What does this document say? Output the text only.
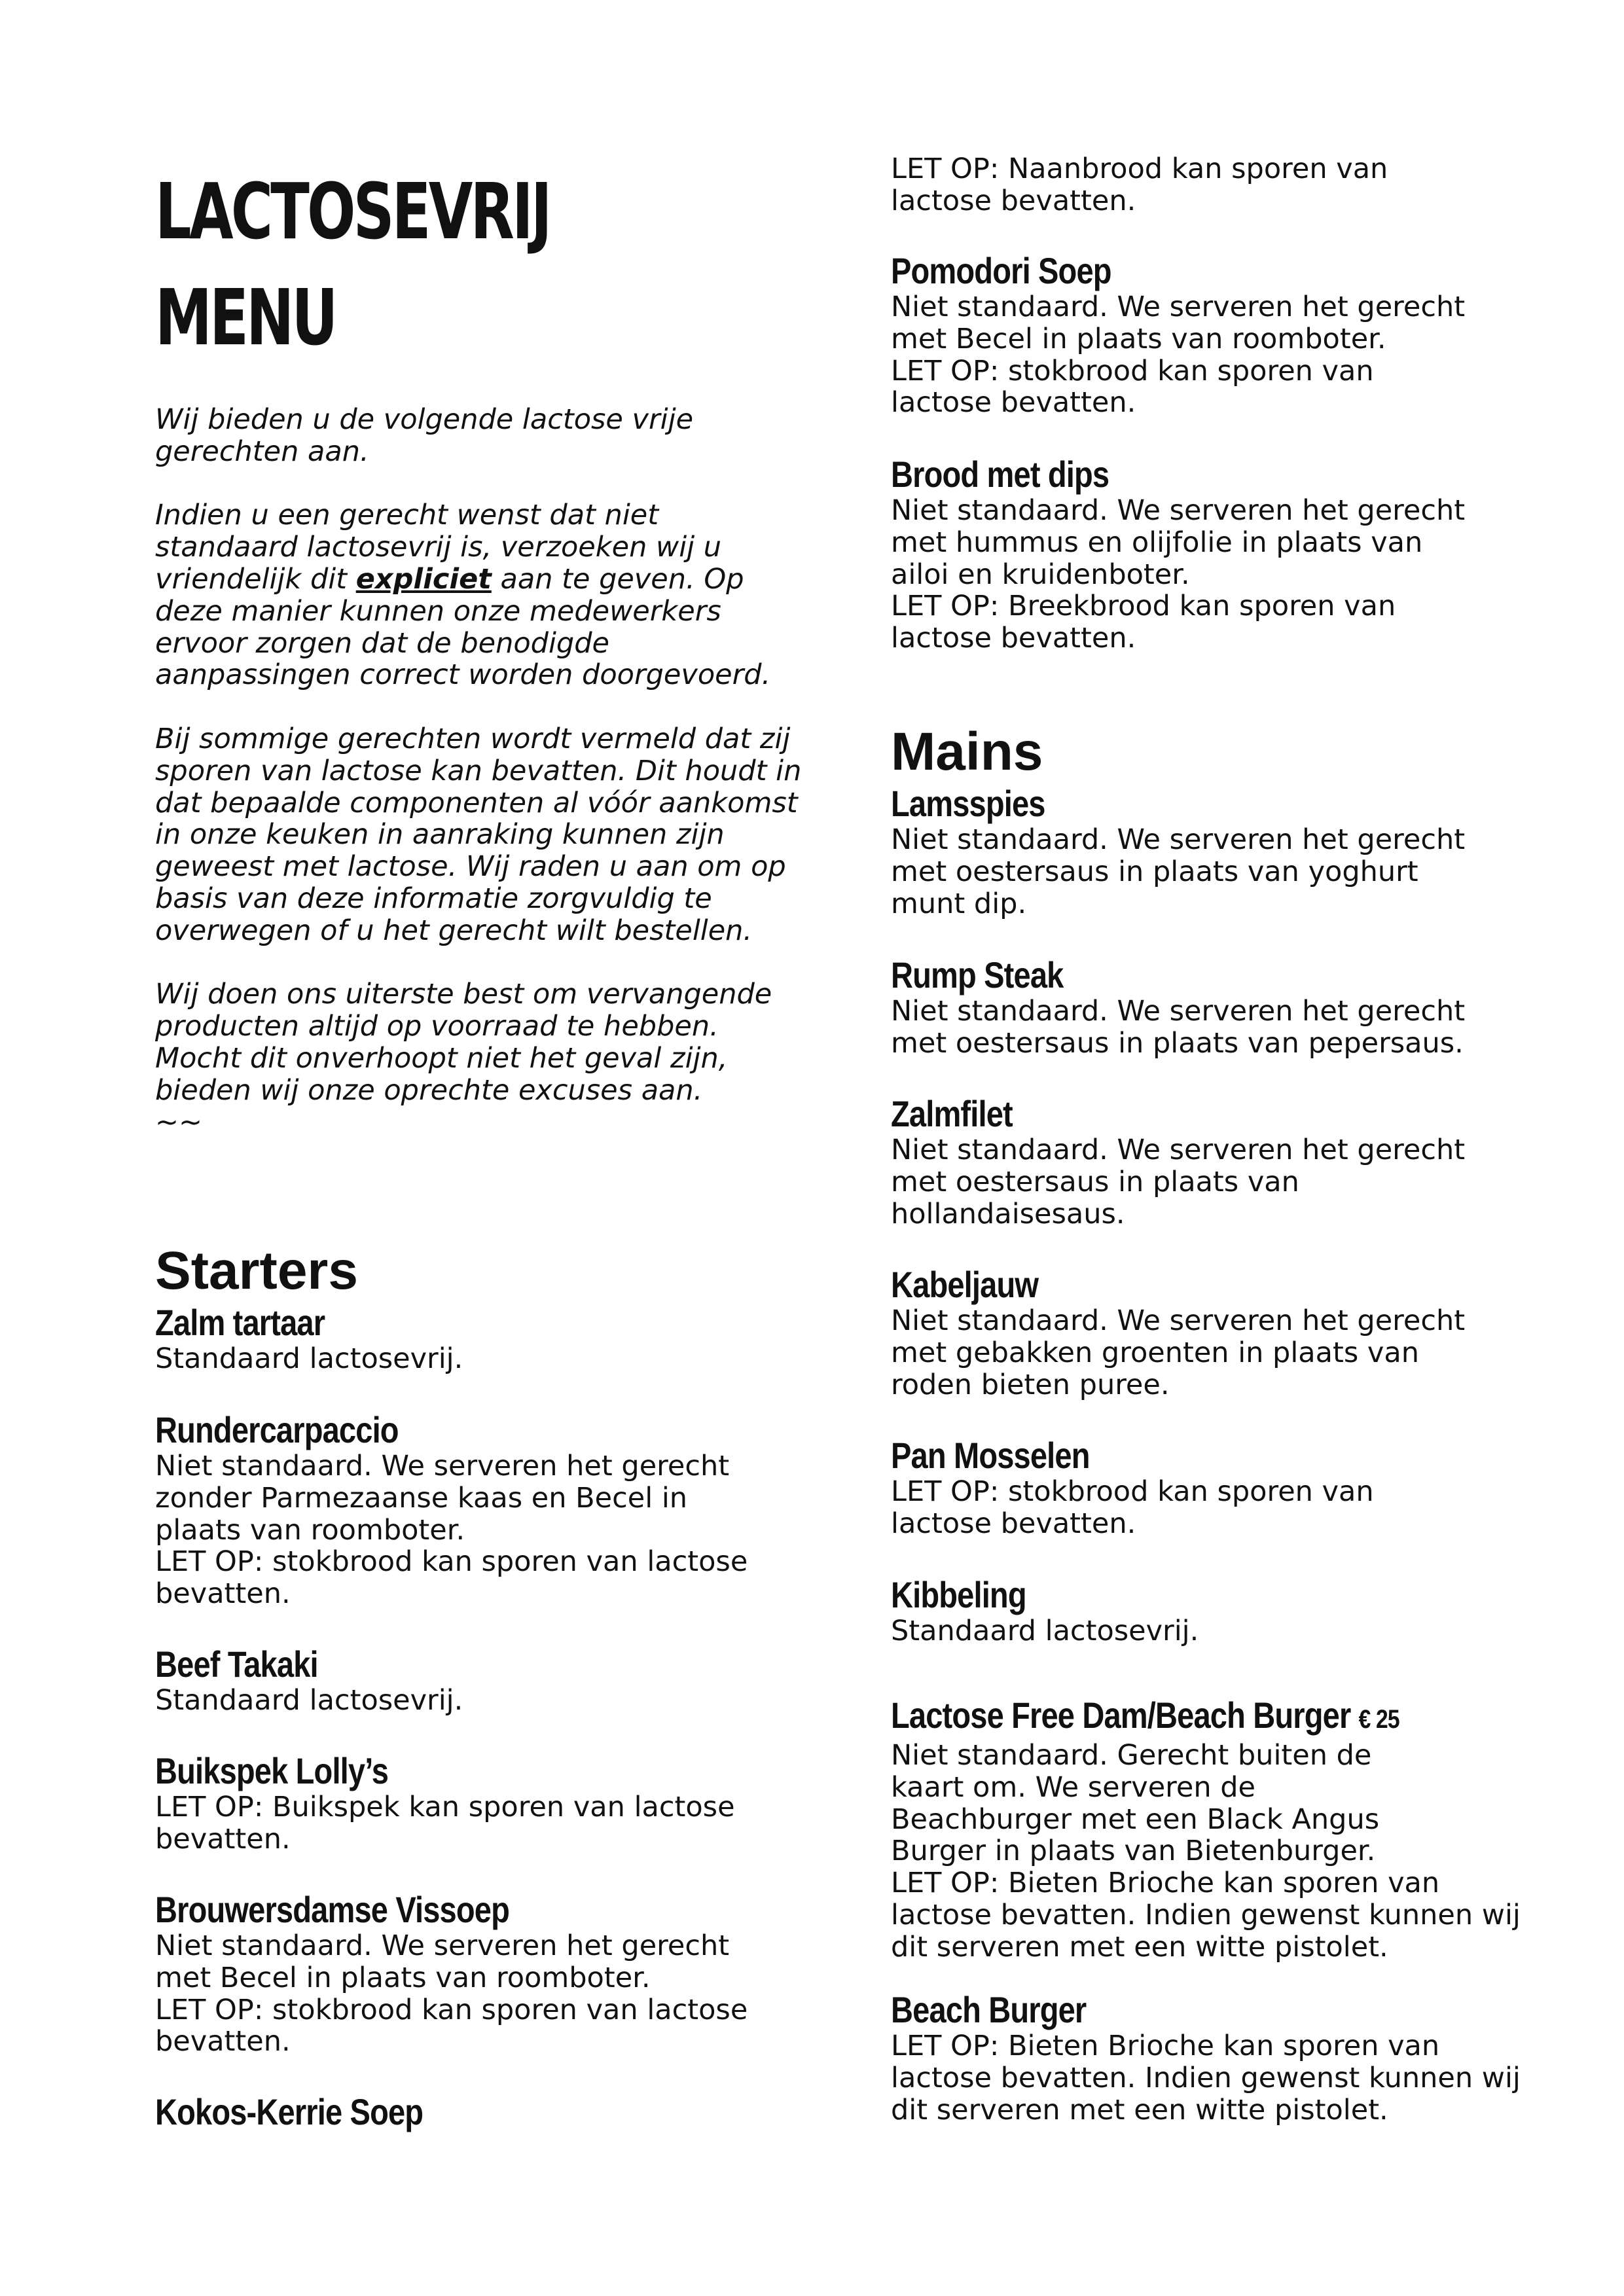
LACTOSEVRIJ
MENU

Wij bieden u de volgende lactose vrije gerechten aan.

Indien u een gerecht wenst dat niet standaard lactosevrij is, verzoeken wij u vriendelijk dit expliciet aan te geven. Op deze manier kunnen onze medewerkers ervoor zorgen dat de benodigde aanpassingen correct worden doorgevoerd.

Bij sommige gerechten wordt vermeld dat zij sporen van lactose kan bevatten. Dit houdt in dat bepaalde componenten al vóór aankomst in onze keuken in aanraking kunnen zijn geweest met lactose. Wij raden u aan om op basis van deze informatie zorgvuldig te overwegen of u het gerecht wilt bestellen.

Wij doen ons uiterste best om vervangende producten altijd op voorraad te hebben. Mocht dit onverhoopt niet het geval zijn, bieden wij onze oprechte excuses aan.

~~

Starters
Zalm tartaar
Standaard lactosevrij.
Rundercarpaccio
Niet standaard. We serveren het gerecht
zonder Parmezaanse kaas en Becel in
plaats van roomboter.
LET OP: stokbrood kan sporen van lactose
bevatten.
Beef Takaki
Standaard lactosevrij.
Buikspek Lolly’s
LET OP: Buikspek kan sporen van lactose
bevatten.
Brouwersdamse Vissoep
Niet standaard. We serveren het gerecht
met Becel in plaats van roomboter.
LET OP: stokbrood kan sporen van lactose
bevatten.
Kokos-Kerrie Soep
LET OP: Naanbrood kan sporen van
lactose bevatten.
Pomodori Soep
Niet standaard. We serveren het gerecht
met Becel in plaats van roomboter.
LET OP: stokbrood kan sporen van
lactose bevatten.
Brood met dips
Niet standaard. We serveren het gerecht
met hummus en olijfolie in plaats van
ailoi en kruidenboter.
LET OP: Breekbrood kan sporen van
lactose bevatten.
Mains
Lamsspies
Niet standaard. We serveren het gerecht
met oestersaus in plaats van yoghurt
munt dip.
Rump Steak
Niet standaard. We serveren het gerecht
met oestersaus in plaats van pepersaus.
Zalmfilet
Niet standaard. We serveren het gerecht
met oestersaus in plaats van
hollandaisesaus.
Kabeljauw
Niet standaard. We serveren het gerecht
met gebakken groenten in plaats van
roden bieten puree.
Pan Mosselen
LET OP: stokbrood kan sporen van
lactose bevatten.
Kibbeling
Standaard lactosevrij.
Lactose Free Dam/Beach Burger € 25
Niet standaard. Gerecht buiten de
kaart om. We serveren de
Beachburger met een Black Angus
Burger in plaats van Bietenburger.
LET OP: Bieten Brioche kan sporen van
lactose bevatten. Indien gewenst kunnen wij
dit serveren met een witte pistolet.
Beach Burger
LET OP: Bieten Brioche kan sporen van
lactose bevatten. Indien gewenst kunnen wij
dit serveren met een witte pistolet.
